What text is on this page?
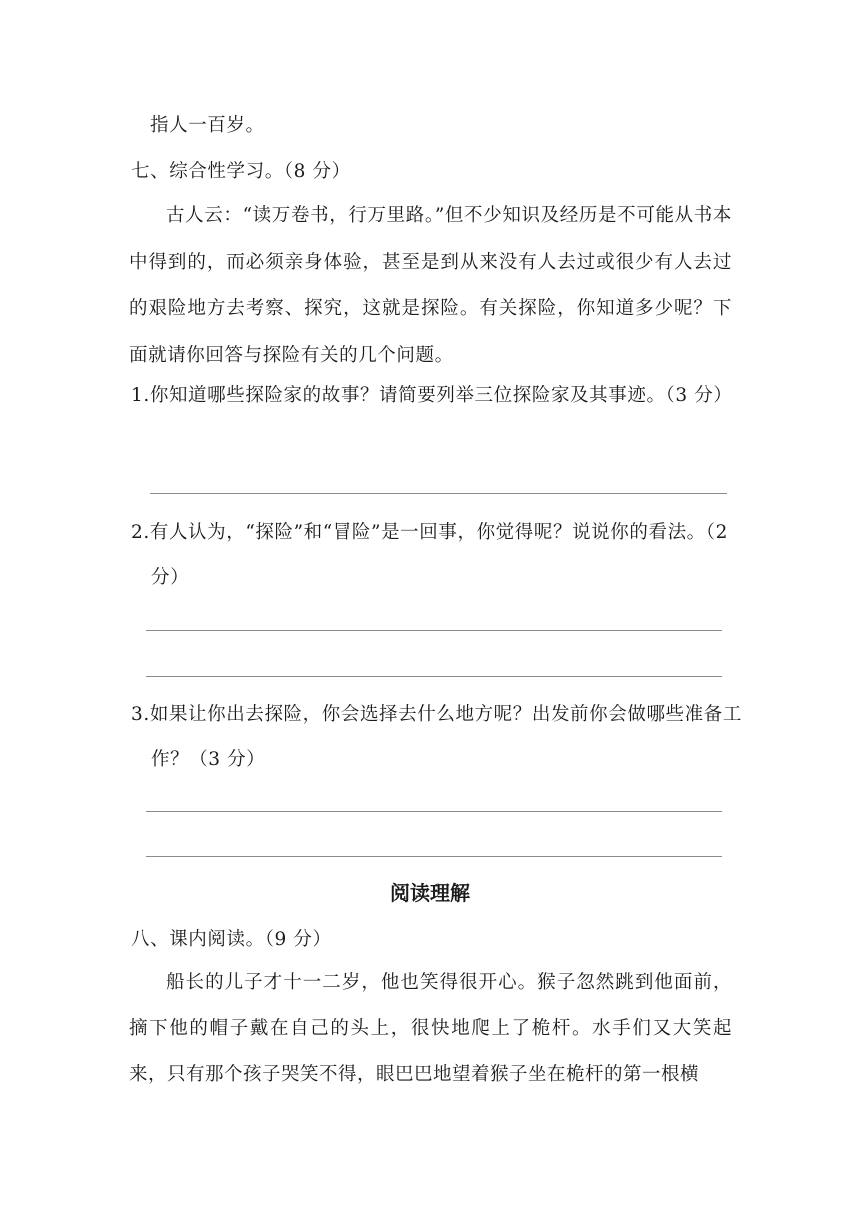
指人一百岁。
七、综合性学习。（8 分）
古人云：“读万卷书，行万里路。”但不少知识及经历是不可能从书本中得到的，而必须亲身体验，甚至是到从来没有人去过或很少有人去过的艰险地方去考察、探究，这就是探险。有关探险，你知道多少呢？下面就请你回答与探险有关的几个问题。
1.你知道哪些探险家的故事？请简要列举三位探险家及其事迹。（3 分）
2.有人认为，“探险”和“冒险”是一回事，你觉得呢？说说你的看法。（2 分）
3.如果让你出去探险，你会选择去什么地方呢？出发前你会做哪些准备工作？（3 分）
阅读理解
八、课内阅读。（9 分）
船长的儿子才十一二岁，他也笑得很开心。猴子忽然跳到他面前，摘下他的帽子戴在自己的头上，很快地爬上了桅杆。水手们又大笑起来，只有那个孩子哭笑不得，眼巴巴地望着猴子坐在桅杆的第一根横
